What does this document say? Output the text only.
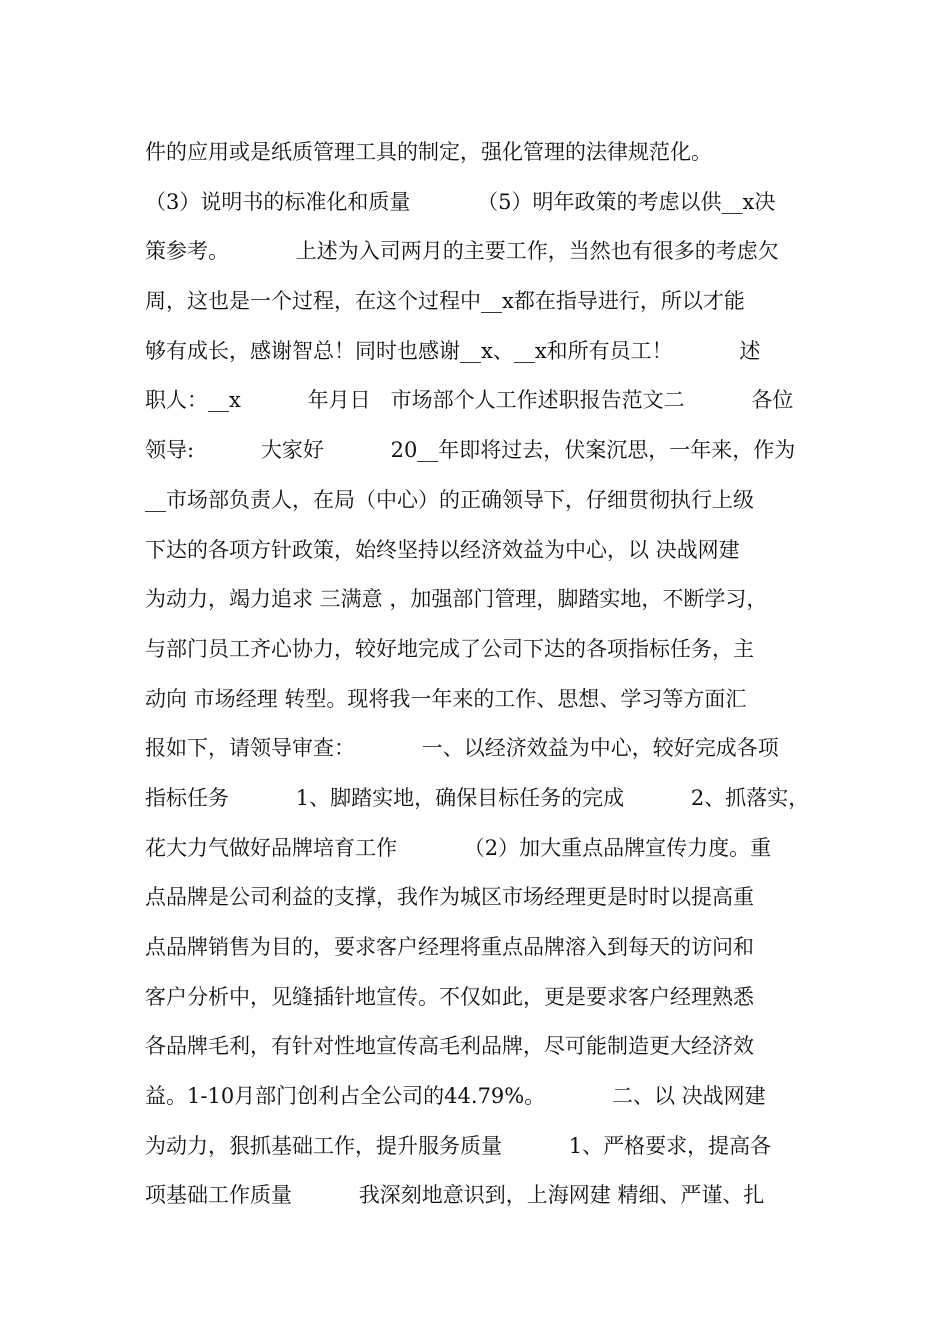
件的应用或是纸质管理工具的制定，强化管理的法律规范化。
（3）说明书的标准化和质量          （5）明年政策的考虑以供__x决
策参考。          上述为入司两月的主要工作，当然也有很多的考虑欠
周，这也是一个过程，在这个过程中__x都在指导进行，所以才能
够有成长，感谢智总！同时也感谢__x、__x和所有员工！          述
职人：__x          年月日   市场部个人工作述职报告范文二          各位
领导:          大家好          20__年即将过去，伏案沉思，一年来，作为
__市场部负责人，在局（中心）的正确领导下，仔细贯彻执行上级
下达的各项方针政策，始终坚持以经济效益为中心，以 决战网建
为动力，竭力追求 三满意 ，加强部门管理，脚踏实地，不断学习，
与部门员工齐心协力，较好地完成了公司下达的各项指标任务，主
动向 市场经理 转型。现将我一年来的工作、思想、学习等方面汇
报如下，请领导审查：          一、以经济效益为中心，较好完成各项
指标任务          1、脚踏实地，确保目标任务的完成          2、抓落实，
花大力气做好品牌培育工作          （2）加大重点品牌宣传力度。重
点品牌是公司利益的支撑，我作为城区市场经理更是时时以提高重
点品牌销售为目的，要求客户经理将重点品牌溶入到每天的访问和
客户分析中，见缝插针地宣传。不仅如此，更是要求客户经理熟悉
各品牌毛利，有针对性地宣传高毛利品牌，尽可能制造更大经济效
益。1-10月部门创利占全公司的44.79%。          二、以 决战网建
为动力，狠抓基础工作，提升服务质量          1、严格要求，提高各
项基础工作质量          我深刻地意识到，上海网建 精细、严谨、扎
